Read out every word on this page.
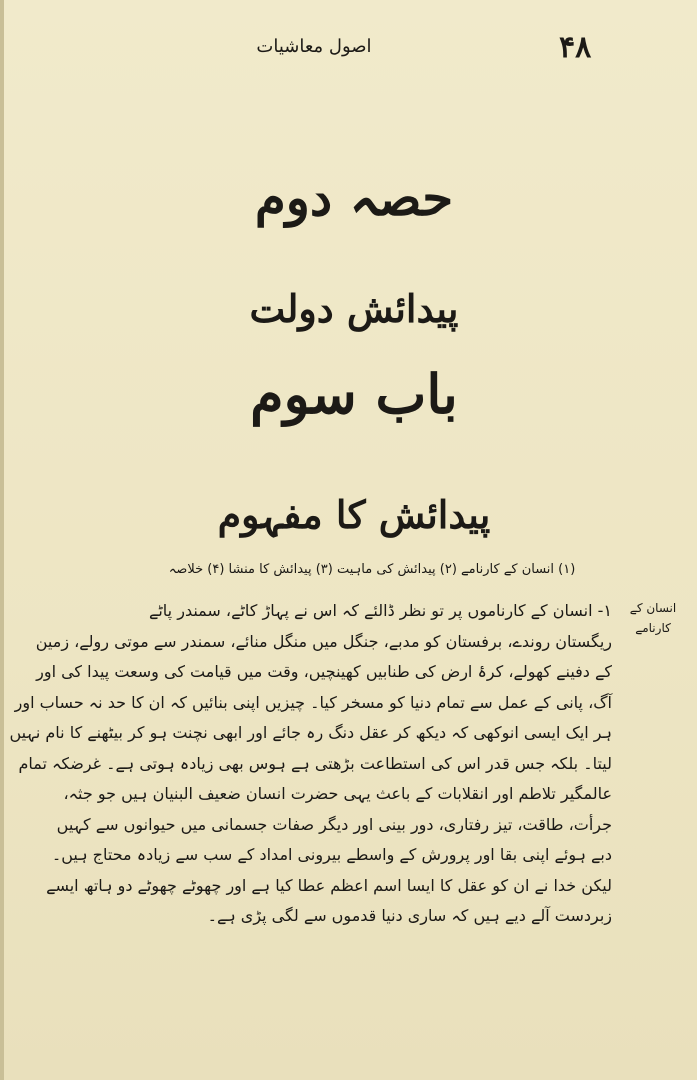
۴۸
اصول معاشیات
حصہ دوم
پیدائش دولت
باب سوم
پیدائش کا مفہوم
(۱) انسان کے کارنامے (۲) پیدائش کی ماہیت (۳) پیدائش کا منشا (۴) خلاصہ
انسان کے کارنامے
۱- انسان کے کارناموں پر تو نظر ڈالئے کہ اس نے پہاڑ کاٹے، سمندر پاٹے
ریگستان روندے، برفستان کو مدبے، جنگل میں منگل منائے، سمندر سے موتی رولے، زمین
کے دفینے کھولے، کرۂ ارض کی طنابیں کھینچیں، وقت میں قیامت کی وسعت پیدا کی اور
آگ، پانی کے عمل سے تمام دنیا کو مسخر کیا۔ چیزیں اپنی بنائیں کہ ان کا حد نہ حساب اور
ہر ایک ایسی انوکھی کہ دیکھ کر عقل دنگ رہ جائے اور ابھی نچنت ہو کر بیٹھنے کا نام نہیں
لیتا۔ بلکہ جس قدر اس کی استطاعت بڑھتی ہے ہوس بھی زیادہ ہوتی ہے۔ غرضکہ تمام
عالمگیر تلاطم اور انقلابات کے باعث یہی حضرت انسان ضعیف البنیان ہیں جو جثہ،
جرأت، طاقت، تیز رفتاری، دور بینی اور دیگر صفات جسمانی میں حیوانوں سے کہیں
دبے ہوئے اپنی بقا اور پرورش کے واسطے بیرونی امداد کے سب سے زیادہ محتاج ہیں۔
لیکن خدا نے ان کو عقل کا ایسا اسم اعظم عطا کیا ہے اور چھوٹے چھوٹے دو ہاتھ ایسے
زبردست آلے دیے ہیں کہ ساری دنیا قدموں سے لگی پڑی ہے۔
